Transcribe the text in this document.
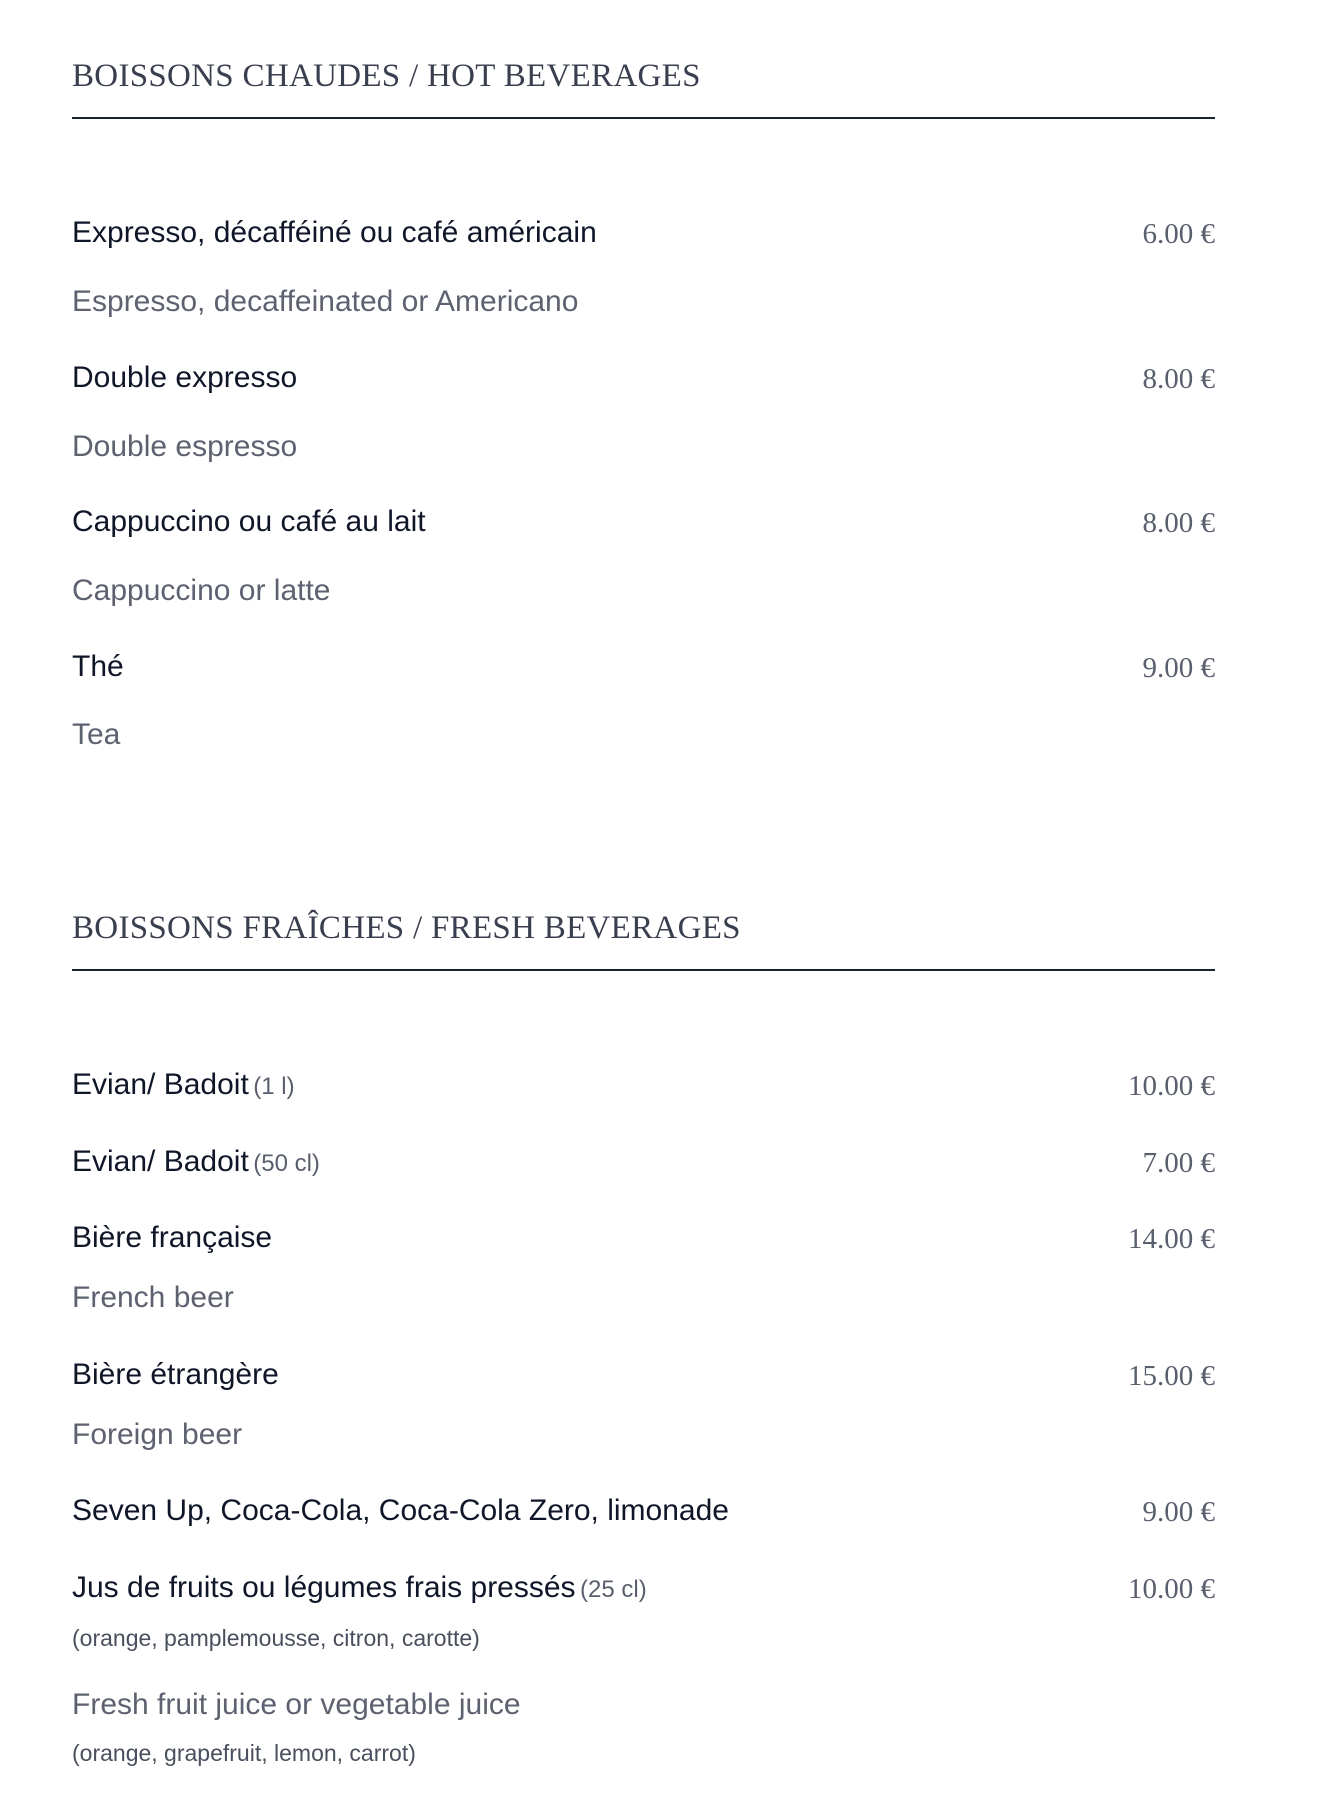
BOISSONS CHAUDES / HOT BEVERAGES
Expresso, décafféiné ou café américain	6.00 €
Espresso, decaffeinated or Americano
Double expresso	8.00 €
Double espresso
Cappuccino ou café au lait	8.00 €
Cappuccino or latte
Thé	9.00 €
Tea
BOISSONS FRAÎCHES / FRESH BEVERAGES
Evian/ Badoit (1 l)	10.00 €
Evian/ Badoit (50 cl)	7.00 €
Bière française	14.00 €
French beer
Bière étrangère	15.00 €
Foreign beer
Seven Up, Coca-Cola, Coca-Cola Zero, limonade	9.00 €
Jus de fruits ou légumes frais pressés (25 cl)	10.00 €
(orange, pamplemousse, citron, carotte)
Fresh fruit juice or vegetable juice
(orange, grapefruit, lemon, carrot)
